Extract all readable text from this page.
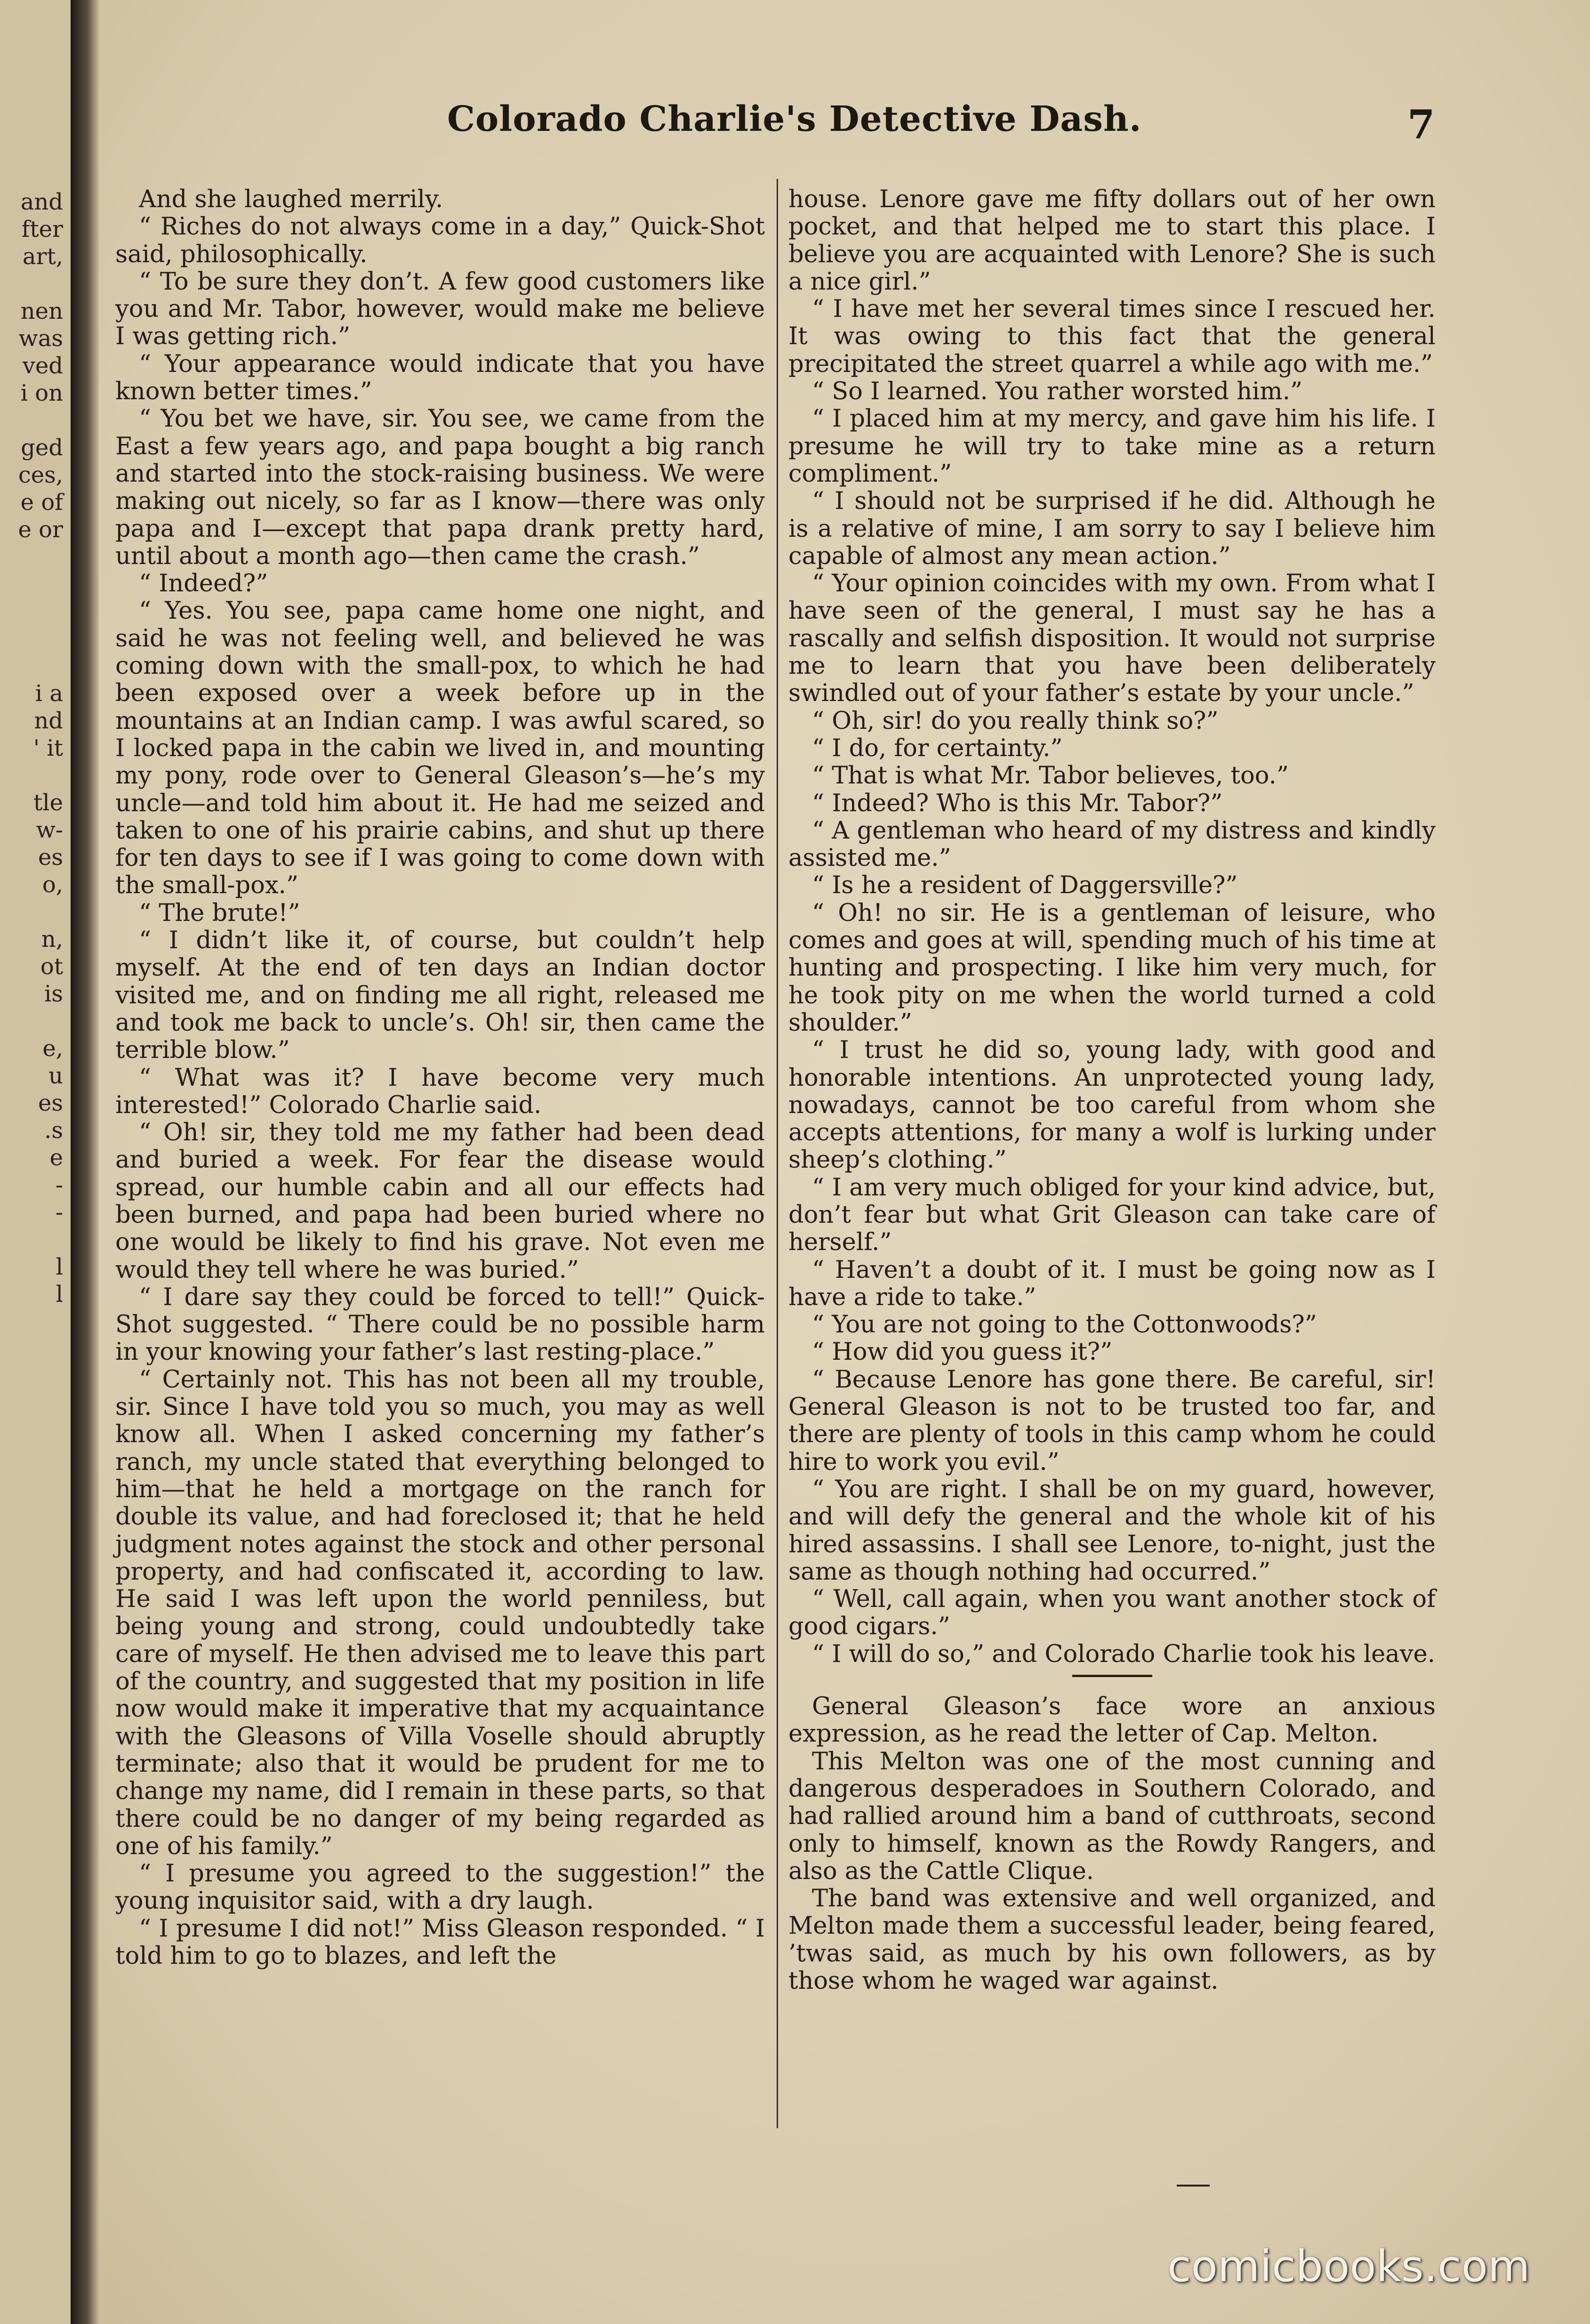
and
fter
art,
nen
was
ved
i on
ged
ces,
e of
e or
i a
nd
' it
tle
w-
es
o,
n,
ot
is
e,
u
es
.s
e
-
-
l
l
Colorado Charlie's Detective Dash.	7

And she laughed merrily.

“ Riches do not always come in a day,” Quick-Shot said, philosophically.

“ To be sure they don’t. A few good customers like you and Mr. Tabor, however, would make me believe I was getting rich.”

“ Your appearance would indicate that you have known better times.”

“ You bet we have, sir. You see, we came from the East a few years ago, and papa bought a big ranch and started into the stock-raising business. We were making out nicely, so far as I know—there was only papa and I—except that papa drank pretty hard, until about a month ago—then came the crash.”

“ Indeed?”

“ Yes. You see, papa came home one night, and said he was not feeling well, and believed he was coming down with the small-pox, to which he had been exposed over a week before up in the mountains at an Indian camp. I was awful scared, so I locked papa in the cabin we lived in, and mounting my pony, rode over to General Gleason’s—he’s my uncle—and told him about it. He had me seized and taken to one of his prairie cabins, and shut up there for ten days to see if I was going to come down with the small-pox.”

“ The brute!”

“ I didn’t like it, of course, but couldn’t help myself. At the end of ten days an Indian doctor visited me, and on finding me all right, released me and took me back to uncle’s. Oh! sir, then came the terrible blow.”

“ What was it? I have become very much interested!” Colorado Charlie said.

“ Oh! sir, they told me my father had been dead and buried a week. For fear the disease would spread, our humble cabin and all our effects had been burned, and papa had been buried where no one would be likely to find his grave. Not even me would they tell where he was buried.”

“ I dare say they could be forced to tell!” Quick-Shot suggested. “ There could be no possible harm in your knowing your father’s last resting-place.”

“ Certainly not. This has not been all my trouble, sir. Since I have told you so much, you may as well know all. When I asked concerning my father’s ranch, my uncle stated that everything belonged to him—that he held a mortgage on the ranch for double its value, and had foreclosed it; that he held judgment notes against the stock and other personal property, and had confiscated it, according to law. He said I was left upon the world penniless, but being young and strong, could undoubtedly take care of myself. He then advised me to leave this part of the country, and suggested that my position in life now would make it imperative that my acquaintance with the Gleasons of Villa Voselle should abruptly terminate; also that it would be prudent for me to change my name, did I remain in these parts, so that there could be no danger of my being regarded as one of his family.”

“ I presume you agreed to the suggestion!” the young inquisitor said, with a dry laugh.

“ I presume I did not!” Miss Gleason responded. “ I told him to go to blazes, and left the

house. Lenore gave me fifty dollars out of her own pocket, and that helped me to start this place. I believe you are acquainted with Lenore? She is such a nice girl.”

“ I have met her several times since I rescued her. It was owing to this fact that the general precipitated the street quarrel a while ago with me.”

“ So I learned. You rather worsted him.”

“ I placed him at my mercy, and gave him his life. I presume he will try to take mine as a return compliment.”

“ I should not be surprised if he did. Although he is a relative of mine, I am sorry to say I believe him capable of almost any mean action.”

“ Your opinion coincides with my own. From what I have seen of the general, I must say he has a rascally and selfish disposition. It would not surprise me to learn that you have been deliberately swindled out of your father’s estate by your uncle.”

“ Oh, sir! do you really think so?”

“ I do, for certainty.”

“ That is what Mr. Tabor believes, too.”

“ Indeed? Who is this Mr. Tabor?”

“ A gentleman who heard of my distress and kindly assisted me.”

“ Is he a resident of Daggersville?”

“ Oh! no sir. He is a gentleman of leisure, who comes and goes at will, spending much of his time at hunting and prospecting. I like him very much, for he took pity on me when the world turned a cold shoulder.”

“ I trust he did so, young lady, with good and honorable intentions. An unprotected young lady, nowadays, cannot be too careful from whom she accepts attentions, for many a wolf is lurking under sheep’s clothing.”

“ I am very much obliged for your kind advice, but, don’t fear but what Grit Gleason can take care of herself.”

“ Haven’t a doubt of it. I must be going now as I have a ride to take.”

“ You are not going to the Cottonwoods?”

“ How did you guess it?”

“ Because Lenore has gone there. Be careful, sir! General Gleason is not to be trusted too far, and there are plenty of tools in this camp whom he could hire to work you evil.”

“ You are right. I shall be on my guard, however, and will defy the general and the whole kit of his hired assassins. I shall see Lenore, to-night, just the same as though nothing had occurred.”

“ Well, call again, when you want another stock of good cigars.”

“ I will do so,” and Colorado Charlie took his leave.

General Gleason’s face wore an anxious expression, as he read the letter of Cap. Melton.

This Melton was one of the most cunning and dangerous desperadoes in Southern Colorado, and had rallied around him a band of cutthroats, second only to himself, known as the Rowdy Rangers, and also as the Cattle Clique.

The band was extensive and well organized, and Melton made them a successful leader, being feared, ’twas said, as much by his own followers, as by those whom he waged war against.

comicbooks.com
